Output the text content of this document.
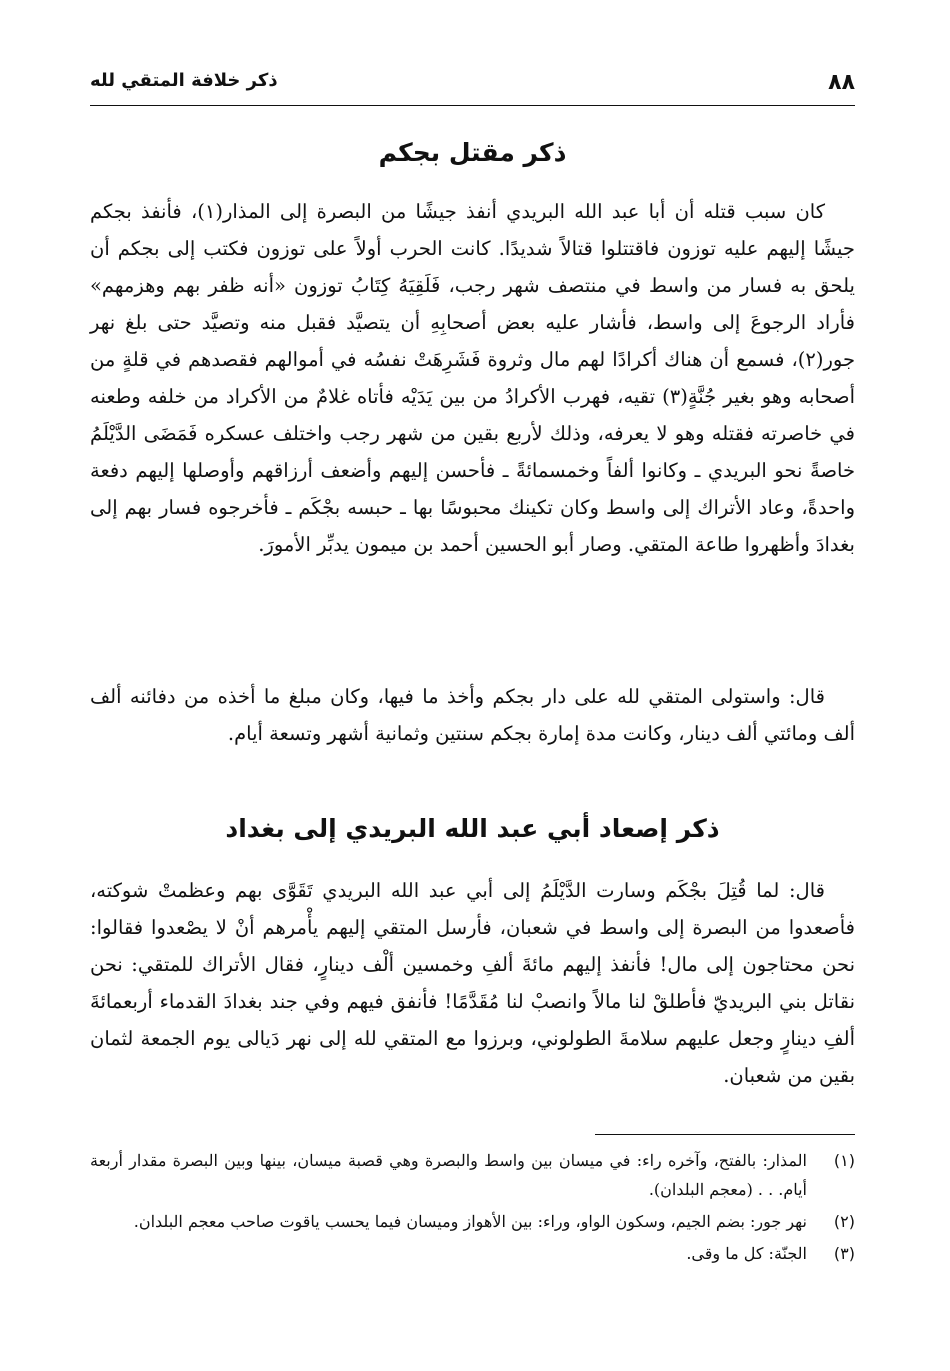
٨٨
ذكر خلافة المتقي لله
ذكر مقتل بجكم

كان سبب قتله أن أبا عبد الله البريدي أنفذ جيشًا من البصرة إلى المذار(١)، فأنفذ بجكم جيشًا إليهم عليه توزون فاقتتلوا قتالاً شديدًا. كانت الحرب أولاً على توزون فكتب إلى بجكم أن يلحق به فسار من واسط في منتصف شهر رجب، فَلَقِيَهُ كِتَابُ توزون «أنه ظفر بهم وهزمهم» فأراد الرجوعَ إلى واسط، فأشار عليه بعض أصحابِهِ أن يتصيَّد فقبل منه وتصيَّد حتى بلغ نهر جور(٢)، فسمع أن هناك أكرادًا لهم مال وثروة فَشَرِهَتْ نفسُه في أموالهم فقصدهم في قلةٍ من أصحابه وهو بغير جُنَّةٍ(٣) تقيه، فهرب الأكرادُ من بين يَدَيْه فأتاه غلامٌ من الأكراد من خلفه وطعنه في خاصرته فقتله وهو لا يعرفه، وذلك لأربع بقين من شهر رجب واختلف عسكره فَمَضَى الدَّيْلَمُ خاصةً نحو البريدي ـ وكانوا ألفاً وخمسمائةً ـ فأحسن إليهم وأضعف أرزاقهم وأوصلها إليهم دفعة واحدةً، وعاد الأتراك إلى واسط وكان تكينك محبوسًا بها ـ حبسه بجْكَم ـ فأخرجوه فسار بهم إلى بغدادَ وأظهروا طاعة المتقي. وصار أبو الحسين أحمد بن ميمون يدبِّر الأمورَ.

قال: واستولى المتقي لله على دار بجكم وأخذ ما فيها، وكان مبلغ ما أخذه من دفائنه ألف ألف ومائتي ألف دينار، وكانت مدة إمارة بجكم سنتين وثمانية أشهر وتسعة أيام.

ذكر إصعاد أبي عبد الله البريدي إلى بغداد

قال: لما قُتِلَ بجْكَم وسارت الدَّيْلَمُ إلى أبي عبد الله البريدي تَقَوَّى بهم وعظمتْ شوكته، فأصعدوا من البصرة إلى واسط في شعبان، فأرسل المتقي إليهم يأْمرهم أنْ لا يصْعدوا فقالوا: نحن محتاجون إلى مال! فأنفذ إليهم مائةَ ألفِ وخمسين ألْف دينارٍ، فقال الأتراك للمتقي: نحن نقاتل بني البريديّ فأطلقْ لنا مالاً وانصبْ لنا مُقَدَّمًا! فأنفق فيهم وفي جند بغدادَ القدماء أربعمائةَ ألفِ دينارٍ وجعل عليهم سلامةَ الطولوني، وبرزوا مع المتقي لله إلى نهر دَيالى يوم الجمعة لثمان بقين من شعبان.

(١)
المذار: بالفتح، وآخره راء: في ميسان بين واسط والبصرة وهي قصبة ميسان، بينها وبين البصرة مقدار أربعة أيام. . . (معجم البلدان).
(٢)
نهر جور: بضم الجيم، وسكون الواو، وراء: بين الأهواز وميسان فيما يحسب ياقوت صاحب معجم البلدان.
(٣)
الجنّة: كل ما وقى.
